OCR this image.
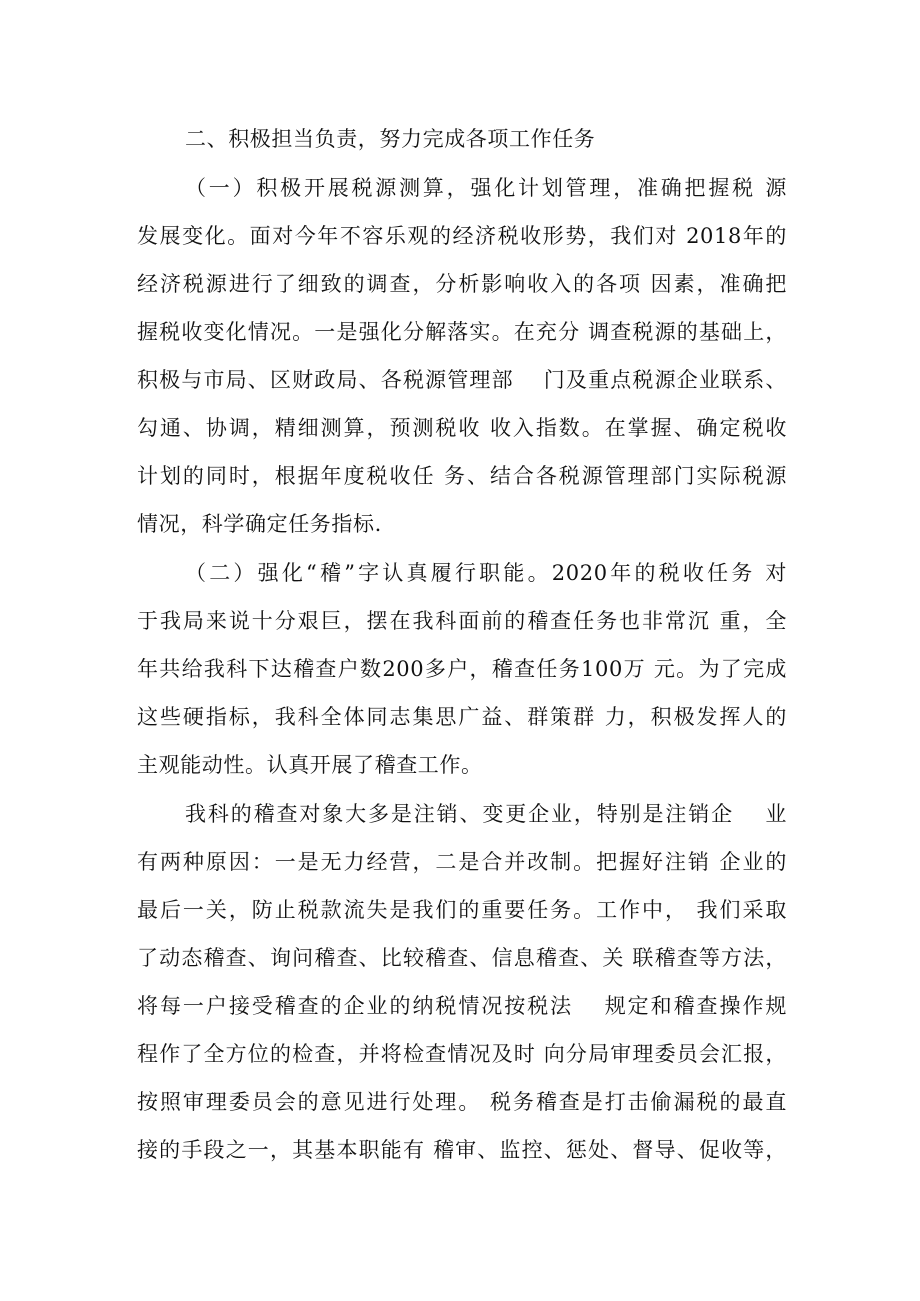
二、积极担当负责，努力完成各项工作任务
（一）积极开展税源测算，强化计划管理，准确把握税 源
发展变化。面对今年不容乐观的经济税收形势，我们对 2018年的
经济税源进行了细致的调查，分析影响收入的各项 因素，准确把
握税收变化情况。一是强化分解落实。在充分 调查税源的基础上，
积极与市局、区财政局、各税源管理部　 门及重点税源企业联系、
勾通、协调，精细测算，预测税收 收入指数。在掌握、确定税收
计划的同时，根据年度税收任 务、结合各税源管理部门实际税源
情况，科学确定任务指标.
（二）强化“稽”字认真履行职能。2020年的税收任务 对
于我局来说十分艰巨，摆在我科面前的稽查任务也非常沉 重，全
年共给我科下达稽查户数200多户，稽查任务100万 元。为了完成
这些硬指标，我科全体同志集思广益、群策群 力，积极发挥人的
主观能动性。认真开展了稽查工作。
我科的稽查对象大多是注销、变更企业，特别是注销企　 业
有两种原因：一是无力经营，二是合并改制。把握好注销 企业的
最后一关，防止税款流失是我们的重要任务。工作中， 我们采取
了动态稽查、询问稽查、比较稽查、信息稽查、关 联稽查等方法，
将每一户接受稽查的企业的纳税情况按税法　 规定和稽查操作规
程作了全方位的检查，并将检查情况及时 向分局审理委员会汇报，
按照审理委员会的意见进行处理。 税务稽查是打击偷漏税的最直
接的手段之一，其基本职能有 稽审、监控、惩处、督导、促收等，
